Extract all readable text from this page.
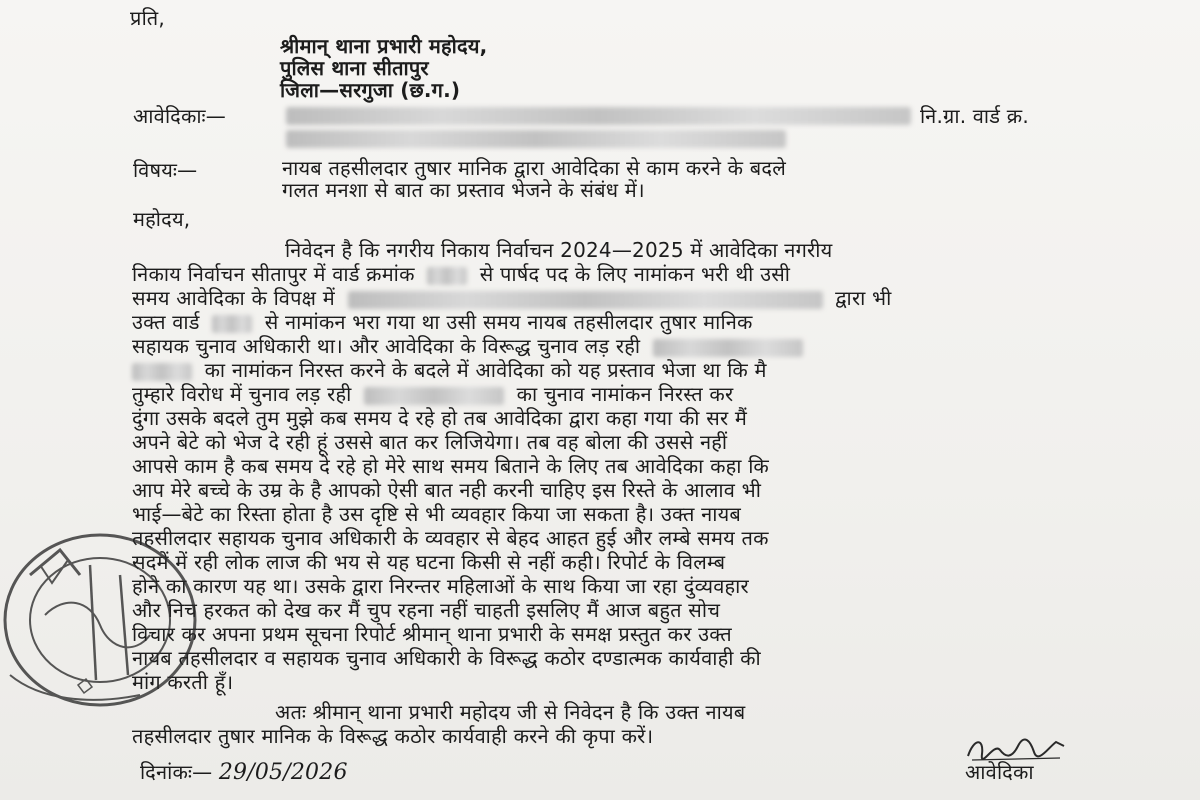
प्रति,
श्रीमान् थाना प्रभारी महोदय,
पुलिस थाना सीतापुर
जिला—सरगुजा (छ.ग.)
आवेदिकाः—	नि.ग्रा. वार्ड क्र.
विषयः—	नायब तहसीलदार तुषार मानिक द्वारा आवेदिका से काम करने के बदले
गलत मनशा से बात का प्रस्ताव भेजने के संबंध में।
महोदय,
निवेदन है कि नगरीय निकाय निर्वाचन 2024—2025 में आवेदिका नगरीय
निकाय निर्वाचन सीतापुर में वार्ड क्रमांक	से पार्षद पद के लिए नामांकन भरी थी उसी
समय आवेदिका के विपक्ष में	द्वारा भी
उक्त वार्ड	से नामांकन भरा गया था उसी समय नायब तहसीलदार तुषार मानिक
सहायक चुनाव अधिकारी था। और आवेदिका के विरूद्ध चुनाव लड़ रही
का नामांकन निरस्त करने के बदले में आवेदिका को यह प्रस्ताव भेजा था कि मै
तुम्हारे विरोध में चुनाव लड़ रही	का चुनाव नामांकन निरस्त कर
दुंगा उसके बदले तुम मुझे कब समय दे रहे हो तब आवेदिका द्वारा कहा गया की सर मैं
अपने बेटे को भेज दे रही हूं उससे बात कर लिजियेगा। तब वह बोला की उससे नहीं
आपसे काम है कब समय दे रहे हो मेरे साथ समय बिताने के लिए तब आवेदिका कहा कि
आप मेरे बच्चे के उम्र के है आपको ऐसी बात नही करनी चाहिए इस रिस्ते के आलाव भी
भाई—बेटे का रिस्ता होता है उस दृष्टि से भी व्यवहार किया जा सकता है। उक्त नायब
तहसीलदार सहायक चुनाव अधिकारी के व्यवहार से बेहद आहत हुई और लम्बे समय तक
सदमें में रही लोक लाज की भय से यह घटना किसी से नहीं कही। रिपोर्ट के विलम्ब
होने का कारण यह था। उसके द्वारा निरन्तर महिलाओं के साथ किया जा रहा दुंव्यवहार
और निच हरकत को देख कर मैं चुप रहना नहीं चाहती इसलिए मैं आज बहुत सोच
विचार कर अपना प्रथम सूचना रिपोर्ट श्रीमान् थाना प्रभारी के समक्ष प्रस्तुत कर उक्त
नायब तहसीलदार व सहायक चुनाव अधिकारी के विरूद्ध कठोर दण्डात्मक कार्यवाही की
मांग करती हूँ।
अतः श्रीमान् थाना प्रभारी महोदय जी से निवेदन है कि उक्त नायब
तहसीलदार तुषार मानिक के विरूद्ध कठोर कार्यवाही करने की कृपा करें।
दिनांकः— 29/05/2026	आवेदिका
